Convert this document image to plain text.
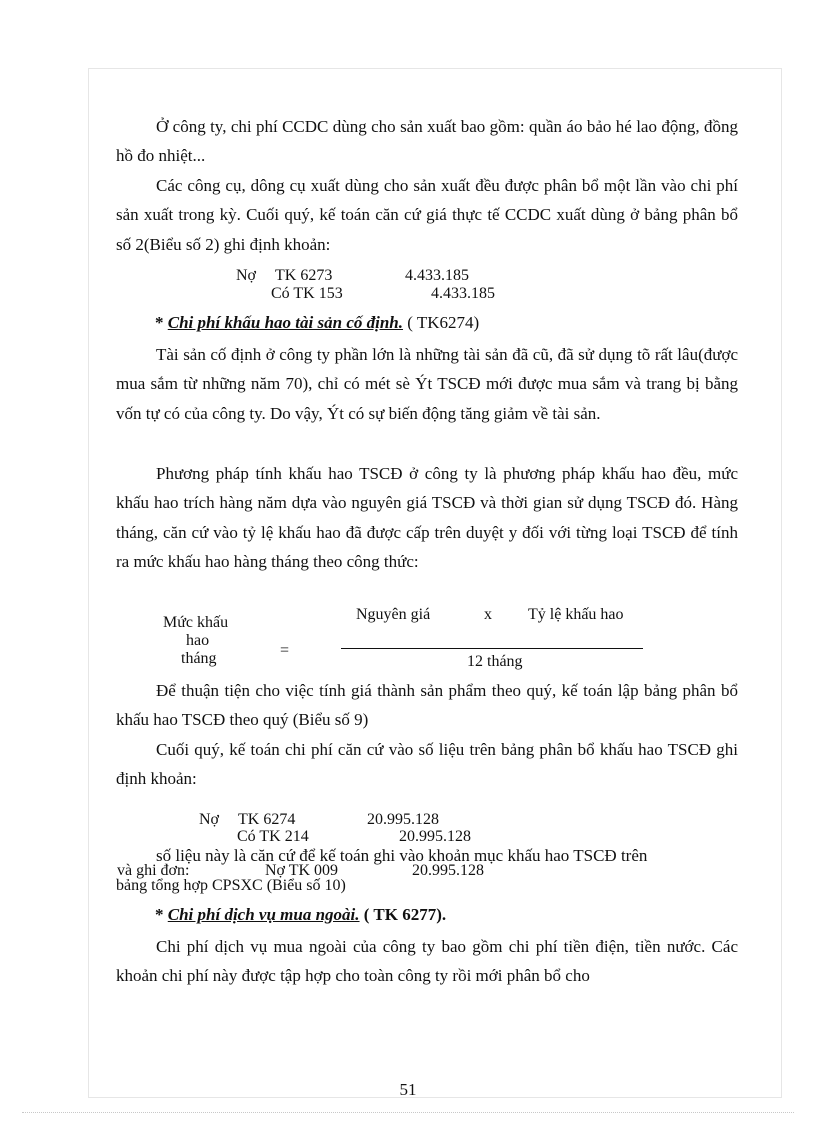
Ở công ty, chi phí CCDC dùng cho sản xuất bao gồm: quần áo bảo hé lao động, đồng hồ đo nhiệt...
Các công cụ, dông cụ xuất dùng cho sản xuất đều được phân bổ một lần vào chi phí sản xuất trong kỳ. Cuối quý, kế toán căn cứ giá thực tế CCDC xuất dùng ở bảng phân bổ số 2(Biểu số 2) ghi định khoản:
Nợ TK 6273	4.433.185
Có TK 153	4.433.185
* Chi phí khấu hao tài sản cố định. ( TK6274)
Tài sản cố định ở công ty phần lớn là những tài sản đã cũ, đã sử dụng tõ rất lâu(được mua sắm từ những năm 70), chỉ có mét sè Ýt TSCĐ mới được mua sắm và trang bị bằng vốn tự có của công ty. Do vậy, Ýt có sự biến động tăng giảm về tài sản.
Phương pháp tính khấu hao TSCĐ ở công ty là phương pháp khấu hao đều, mức khấu hao trích hàng năm dựa vào nguyên giá TSCĐ và thời gian sử dụng TSCĐ đó. Hàng tháng, căn cứ vào tỷ lệ khấu hao đã được cấp trên duyệt y đối với từng loại TSCĐ để tính ra mức khấu hao hàng tháng theo công thức:
Mức khấu
hao
tháng	=
Nguyên giá	x Tỷ lệ khấu hao
12 tháng
Để thuận tiện cho việc tính giá thành sản phẩm theo quý, kế toán lập bảng phân bổ khấu hao TSCĐ theo quý (Biểu số 9)
Cuối quý, kế toán chi phí căn cứ vào số liệu trên bảng phân bổ khấu hao TSCĐ ghi định khoản:
Nợ TK 6274	20.995.128
Có TK 214	20.995.128
và ghi đơn:	Nợ TK 009	20.995.128
số liệu này là căn cứ để kế toán ghi vào khoản mục khấu hao TSCĐ trên
bảng tổng hợp CPSXC (Biểu số 10)
* Chi phí dịch vụ mua ngoài. ( TK 6277).
Chi phí dịch vụ mua ngoài của công ty bao gồm chi phí tiền điện, tiền nước. Các khoản chi phí này được tập hợp cho toàn công ty rồi mới phân bổ cho
51
